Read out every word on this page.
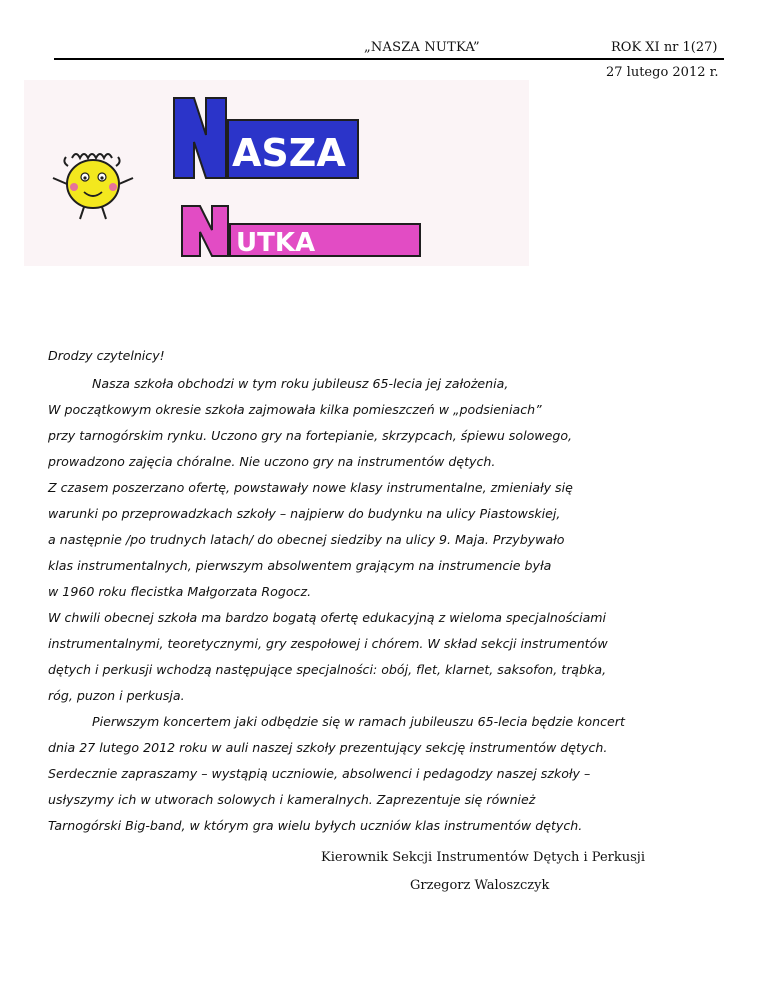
„NASZA NUTKA”	ROK XI nr 1(27)
27 lutego 2012 r.
ASZA
UTKA
Drodzy czytelnicy!
Nasza szkoła obchodzi w tym roku jubileusz 65-lecia jej założenia,
W początkowym okresie szkoła zajmowała kilka pomieszczeń w „podsieniach”
przy tarnogórskim rynku. Uczono gry na fortepianie, skrzypcach, śpiewu solowego,
prowadzono zajęcia chóralne. Nie uczono gry na instrumentów dętych.
Z czasem poszerzano ofertę, powstawały nowe klasy instrumentalne, zmieniały się
warunki po przeprowadzkach szkoły – najpierw do budynku na ulicy Piastowskiej,
a następnie /po trudnych latach/ do obecnej siedziby na ulicy 9. Maja. Przybywało
klas instrumentalnych, pierwszym absolwentem grającym na instrumencie była
w 1960 roku flecistka Małgorzata Rogocz.
W chwili obecnej szkoła ma bardzo bogatą ofertę edukacyjną z wieloma specjalnościami
instrumentalnymi, teoretycznymi, gry zespołowej i chórem. W skład sekcji instrumentów
dętych i perkusji wchodzą następujące specjalności: obój, flet, klarnet, saksofon, trąbka,
róg, puzon i perkusja.
Pierwszym koncertem jaki odbędzie się w ramach jubileuszu 65-lecia będzie koncert
dnia 27 lutego 2012 roku w auli naszej szkoły prezentujący sekcję instrumentów dętych.
Serdecznie zapraszamy – wystąpią uczniowie, absolwenci i pedagodzy naszej szkoły –
usłyszymy ich w utworach solowych i kameralnych. Zaprezentuje się również
Tarnogórski Big-band, w którym gra wielu byłych uczniów klas instrumentów dętych.
Kierownik Sekcji Instrumentów Dętych i Perkusji
Grzegorz Waloszczyk
